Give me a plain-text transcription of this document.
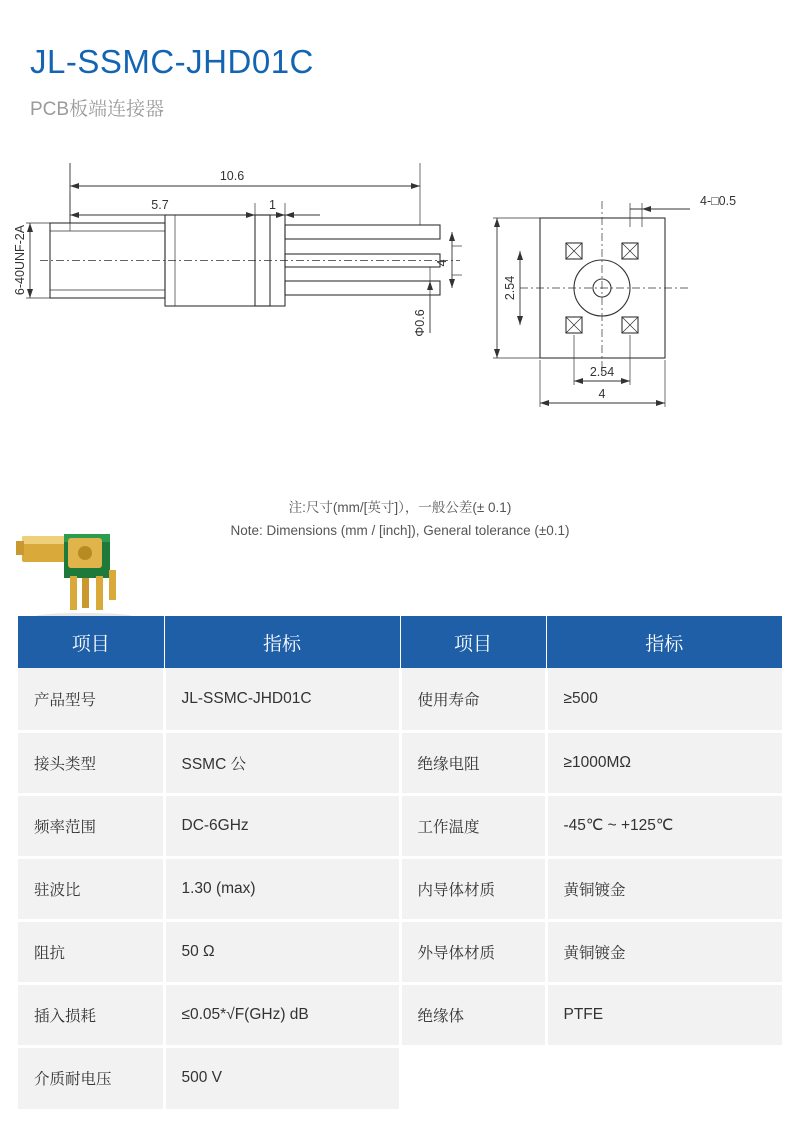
JL-SSMC-JHD01C
PCB板端连接器
10.6
5.7	1
6-40UNF-2A	4
Φ0.6
4-□0.5
2.54
2.54
4
注:尺寸(mm/[英寸]），一般公差(± 0.1)
Note: Dimensions (mm / [inch]), General tolerance (±0.1)
项目	指标	项目	指标
产品型号	JL-SSMC-JHD01C	使用寿命	≥500
接头类型	SSMC 公	绝缘电阻	≥1000MΩ
频率范围	DC-6GHz	工作温度	-45℃ ~ +125℃
驻波比	1.30 (max)	内导体材质	黄铜镀金
阻抗	50 Ω	外导体材质	黄铜镀金
插入损耗	≤0.05*√F(GHz) dB	绝缘体	PTFE
介质耐电压	500 V		
